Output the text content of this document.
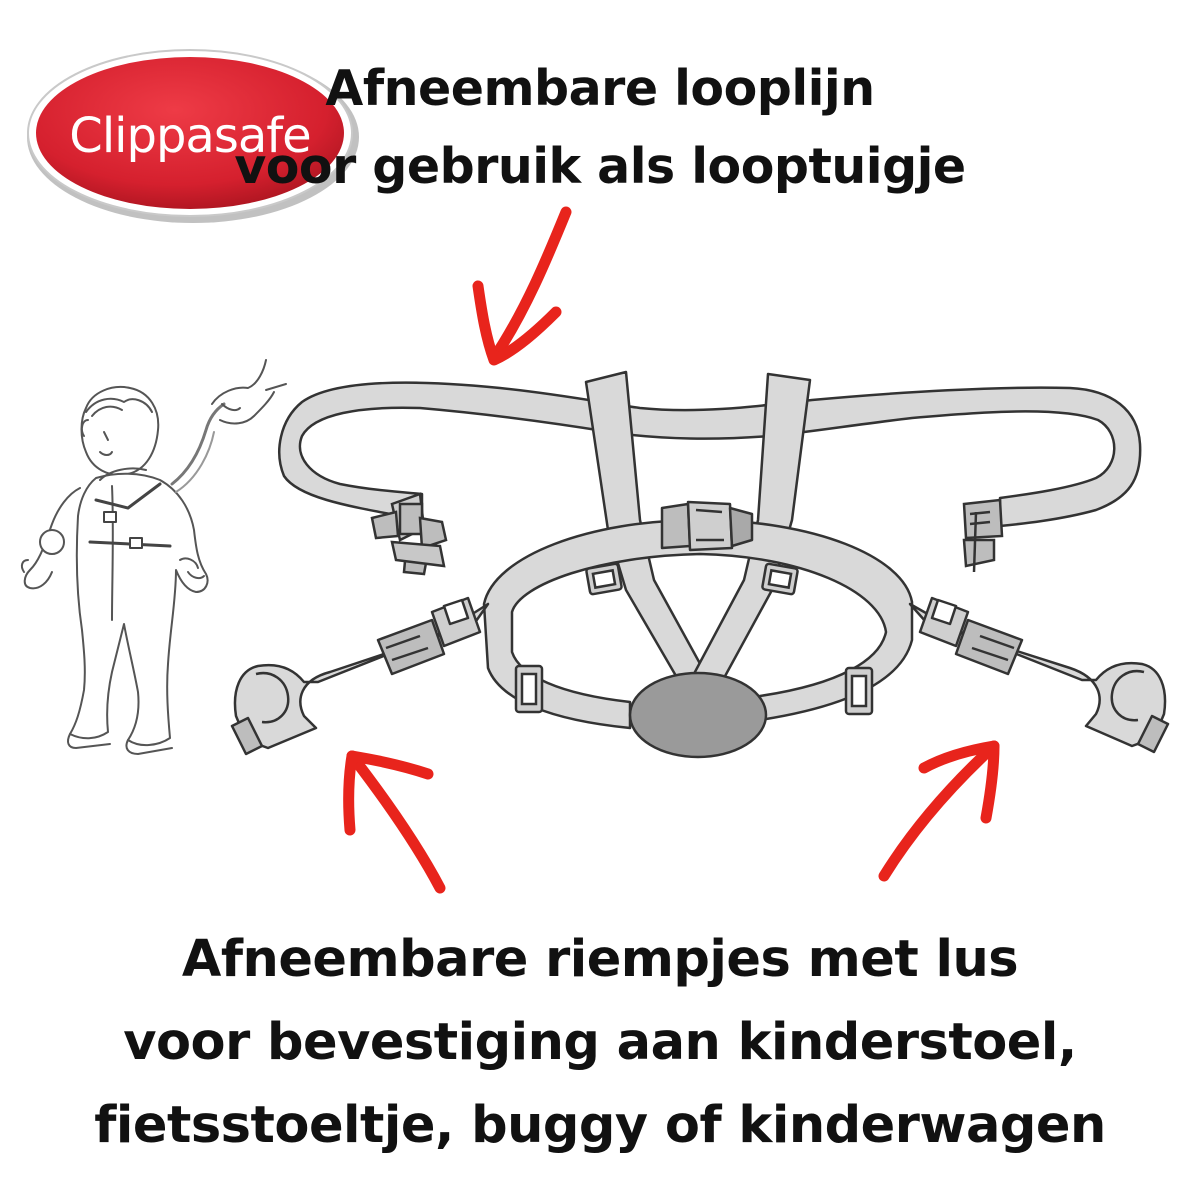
Clippasafe
Afneembare looplijn
voor gebruik als looptuigje
Afneembare riempjes met lus
voor bevestiging aan kinderstoel,
fietsstoeltje, buggy of kinderwagen
